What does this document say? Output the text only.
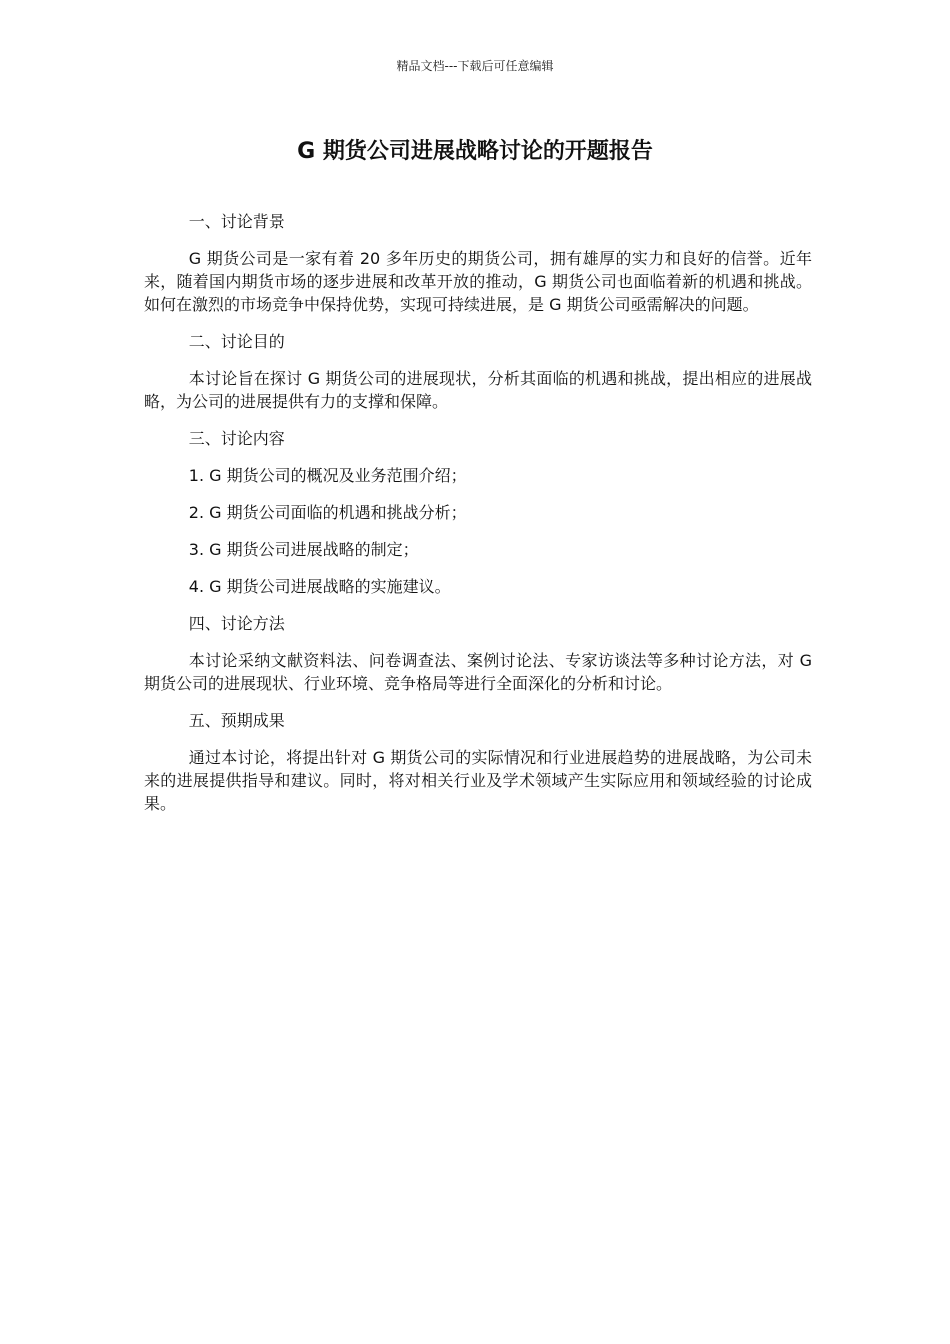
精品文档---下载后可任意编辑
G 期货公司进展战略讨论的开题报告

一、讨论背景

G 期货公司是一家有着 20 多年历史的期货公司，拥有雄厚的实力和良好的信誉。近年来，随着国内期货市场的逐步进展和改革开放的推动，G 期货公司也面临着新的机遇和挑战。如何在激烈的市场竞争中保持优势，实现可持续进展，是 G 期货公司亟需解决的问题。

二、讨论目的

本讨论旨在探讨 G 期货公司的进展现状，分析其面临的机遇和挑战，提出相应的进展战略，为公司的进展提供有力的支撑和保障。

三、讨论内容

1. G 期货公司的概况及业务范围介绍；

2. G 期货公司面临的机遇和挑战分析；

3. G 期货公司进展战略的制定；

4. G 期货公司进展战略的实施建议。

四、讨论方法

本讨论采纳文献资料法、问卷调查法、案例讨论法、专家访谈法等多种讨论方法，对 G 期货公司的进展现状、行业环境、竞争格局等进行全面深化的分析和讨论。

五、预期成果

通过本讨论，将提出针对 G 期货公司的实际情况和行业进展趋势的进展战略，为公司未来的进展提供指导和建议。同时，将对相关行业及学术领域产生实际应用和领域经验的讨论成果。
